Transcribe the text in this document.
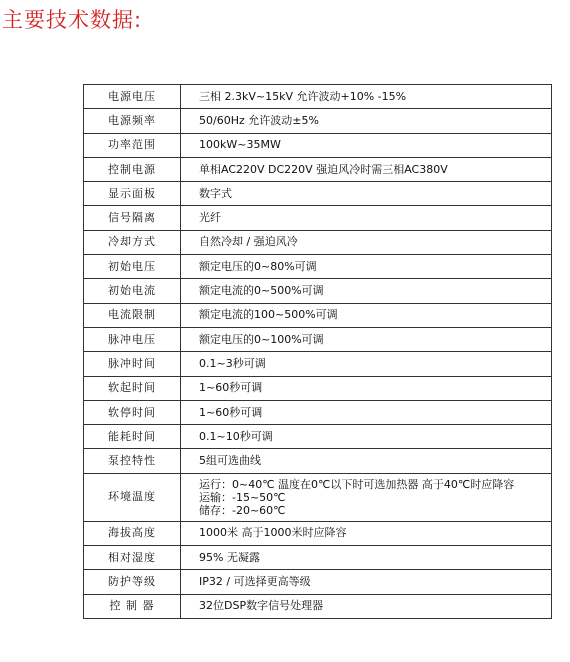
主要技术数据:
电源电压	三相 2.3kV~15kV 允许波动+10% -15%
电源频率	50/60Hz 允许波动±5%
功率范围	100kW~35MW
控制电源	单相AC220V DC220V 强迫风冷时需三相AC380V
显示面板	数字式
信号隔离	光纤
冷却方式	自然冷却 / 强迫风冷
初始电压	额定电压的0~80%可调
初始电流	额定电流的0~500%可调
电流限制	额定电流的100~500%可调
脉冲电压	额定电压的0~100%可调
脉冲时间	0.1~3秒可调
软起时间	1~60秒可调
软停时间	1~60秒可调
能耗时间	0.1~10秒可调
泵控特性	5组可选曲线
环境温度	运行：0~40℃ 温度在0℃以下时可选加热器 高于40℃时应降容
运输：-15~50℃
储存：-20~60℃

海拔高度	1000米 高于1000米时应降容
相对湿度	95% 无凝露
防护等级	IP32 / 可选择更高等级
控 制 器	32位DSP数字信号处理器
